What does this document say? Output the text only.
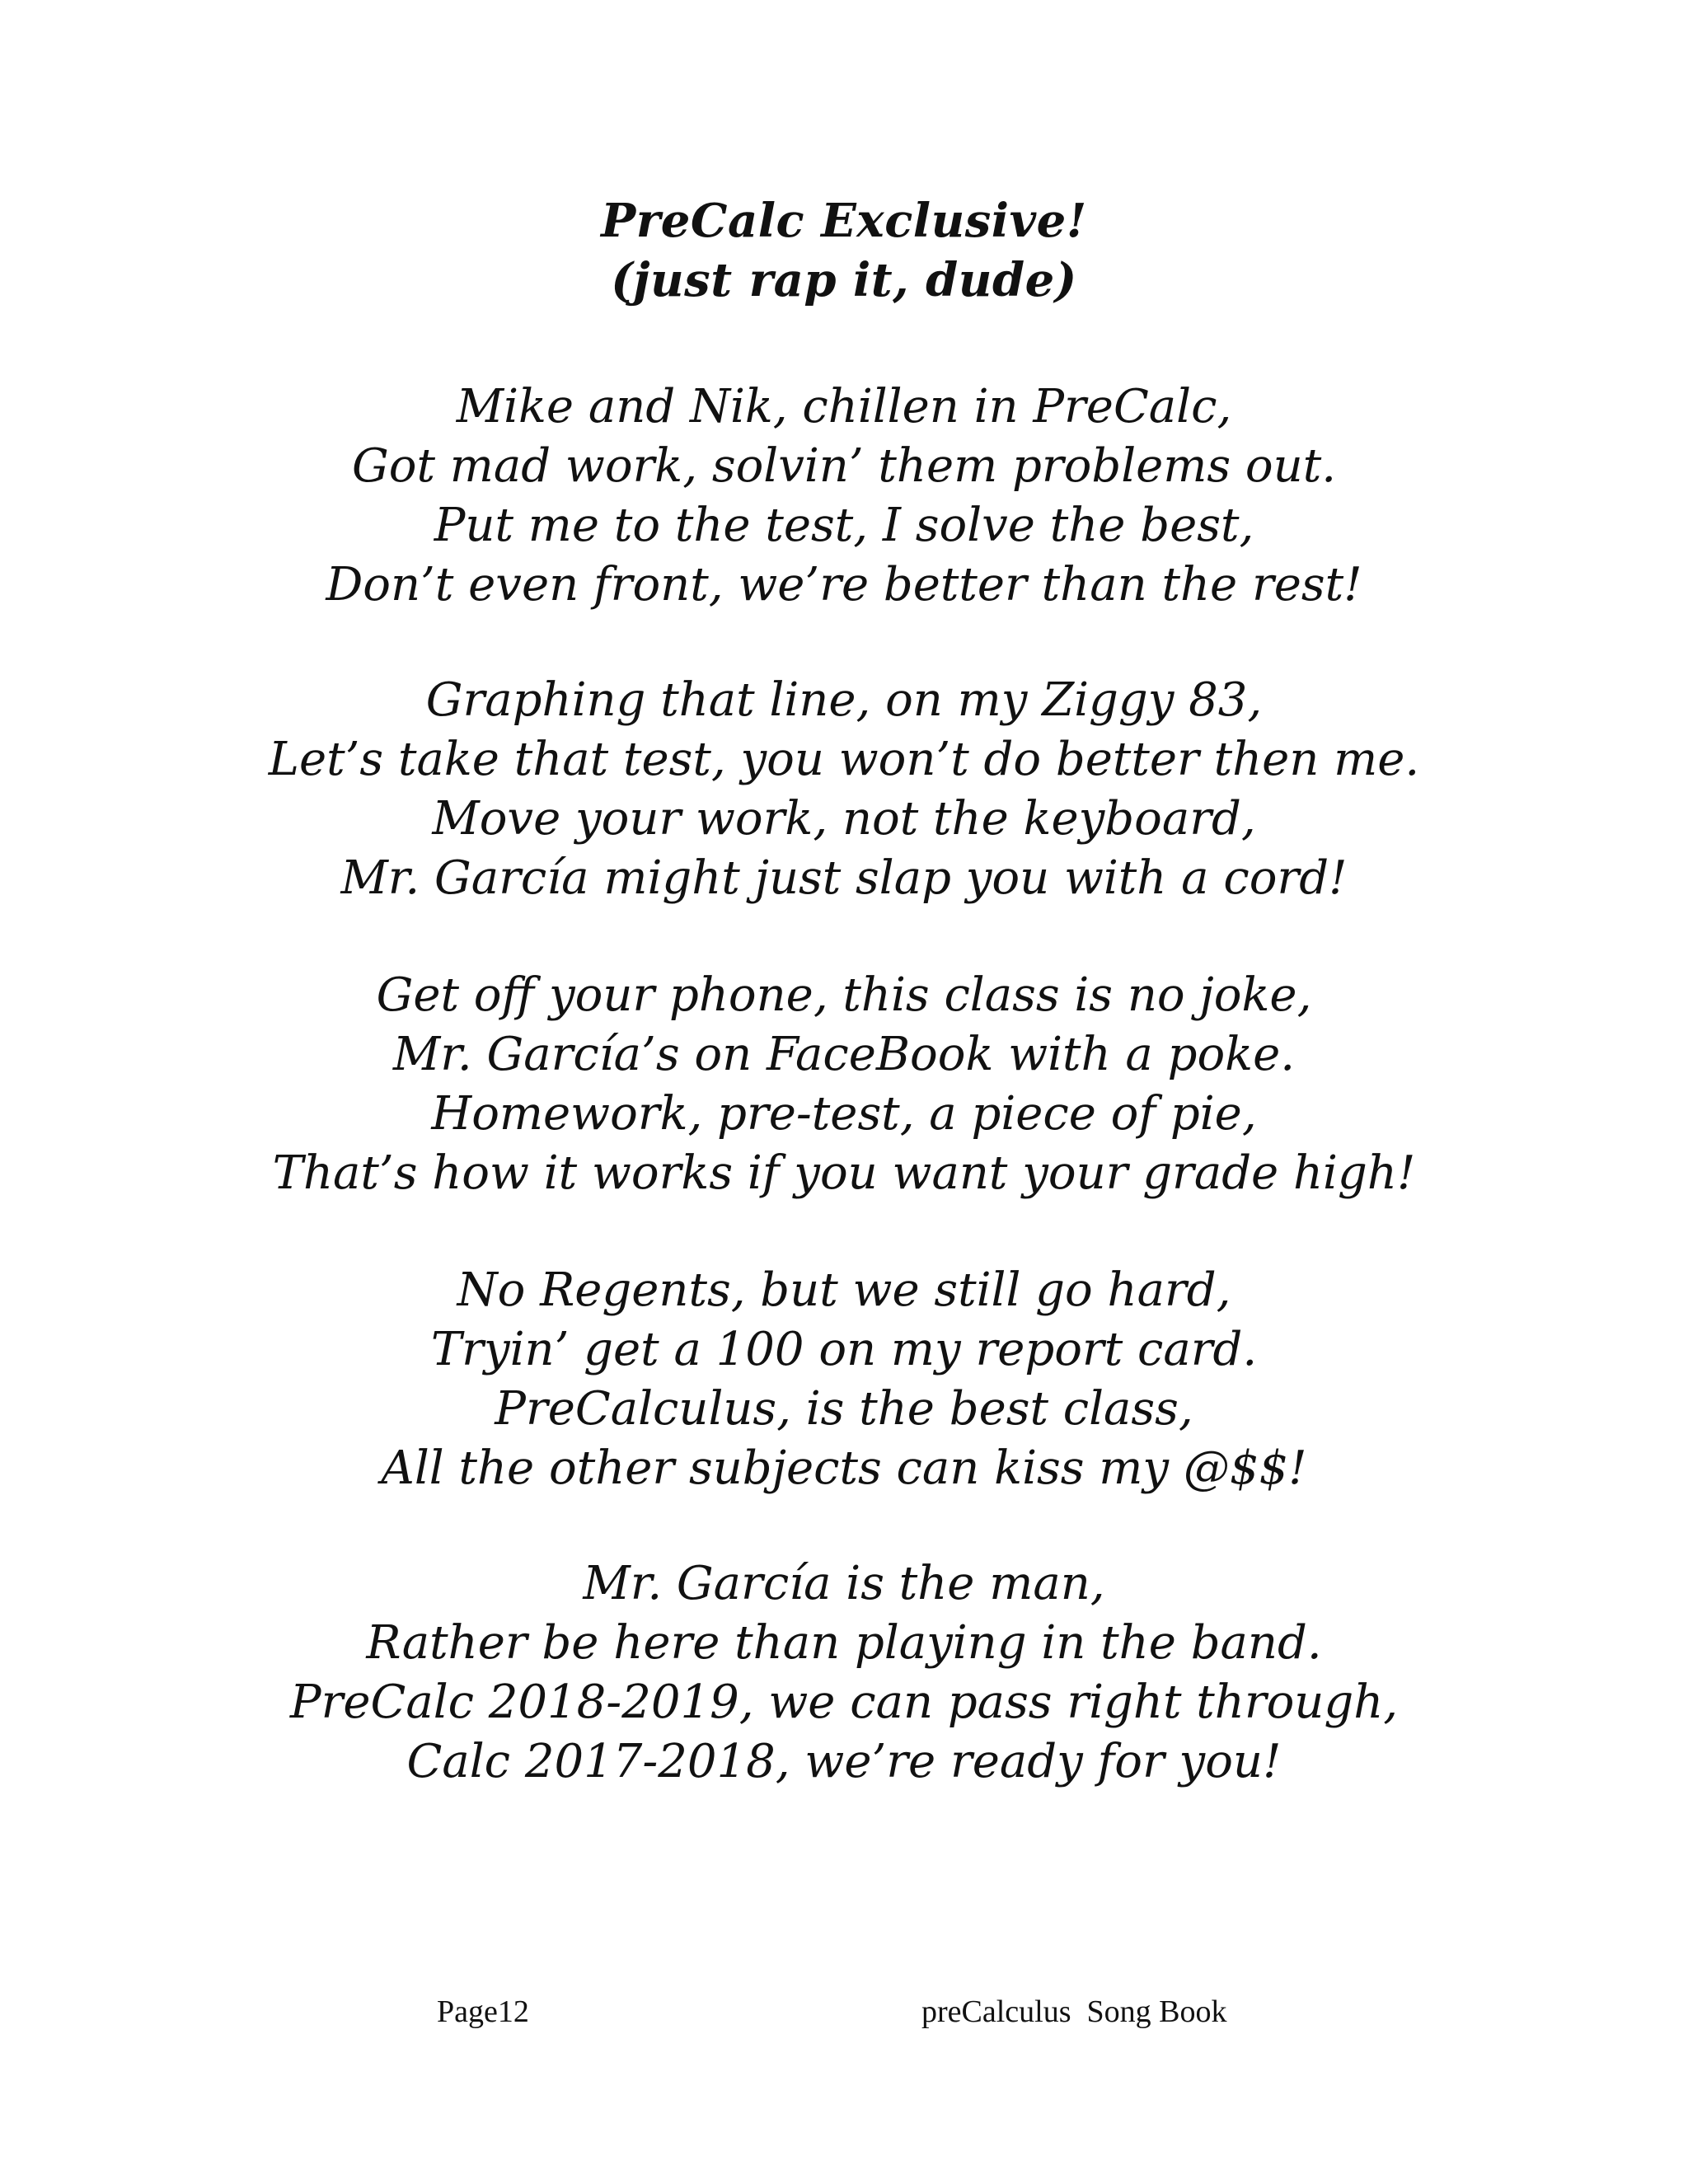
PreCalc Exclusive!
(just rap it, dude)
Mike and Nik, chillen in PreCalc,
Got mad work, solvin’ them problems out.
Put me to the test, I solve the best,
Don’t even front, we’re better than the rest!
Graphing that line, on my Ziggy 83,
Let’s take that test, you won’t do better then me.
Move your work, not the keyboard,
Mr. García might just slap you with a cord!
Get off your phone, this class is no joke,
Mr. García’s on FaceBook with a poke.
Homework, pre-test, a piece of pie,
That’s how it works if you want your grade high!
No Regents, but we still go hard,
Tryin’ get a 100 on my report card.
PreCalculus, is the best class,
All the other subjects can kiss my @$$!
Mr. García is the man,
Rather be here than playing in the band.
PreCalc 2018-2019, we can pass right through,
Calc 2017-2018, we’re ready for you!
Page12	preCalculus  Song Book
